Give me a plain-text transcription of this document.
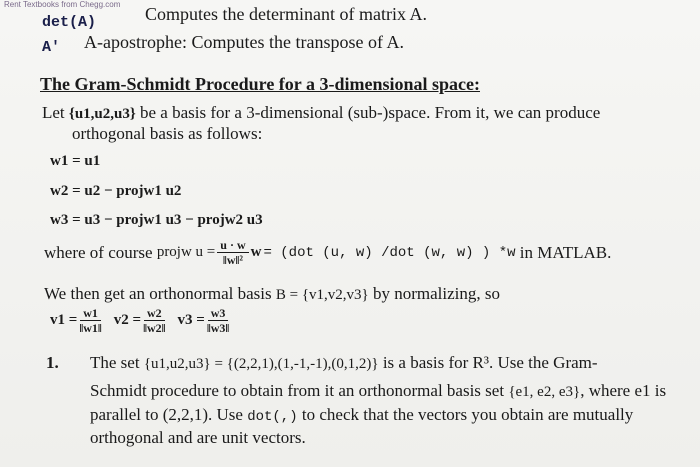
Rent Textbooks from Chegg.com
det(A)	Computes the determinant of matrix A.
A' A-apostrophe: Computes the transpose of A.
The Gram-Schmidt Procedure for a 3-dimensional space:
Let {u1,u2,u3} be a basis for a 3-dimensional (sub-)space. From it, we can produce
orthogonal basis as follows:
w1 = u1
w2 = u2 − projw1 u2
w3 = u3 − projw1 u3 − projw2 u3
where of course
projw $u = \frac{u \cdot w}{\text{‖w‖²}}$ w = (dot (u, w) /dot (w, w) ) *w
in MATLAB.
We then get an orthonormal basis B = {v1,v2,v3} by normalizing, so
$v1 = \frac{w1}{‖w1‖} v2 = \frac{w2}{‖w2‖} v3 = \frac{w3}{‖w3‖}$
1. The set {u1,u2,u3} = {(2,2,1),(1,-1,-1),(0,1,2)} is a basis for R³. Use the Gram-
Schmidt procedure to obtain from it an orthonormal basis set {e1, e2, e3}, where e1 is
parallel to (2,2,1). Use dot(,) to check that the vectors you obtain are mutually
orthogonal and are unit vectors.
